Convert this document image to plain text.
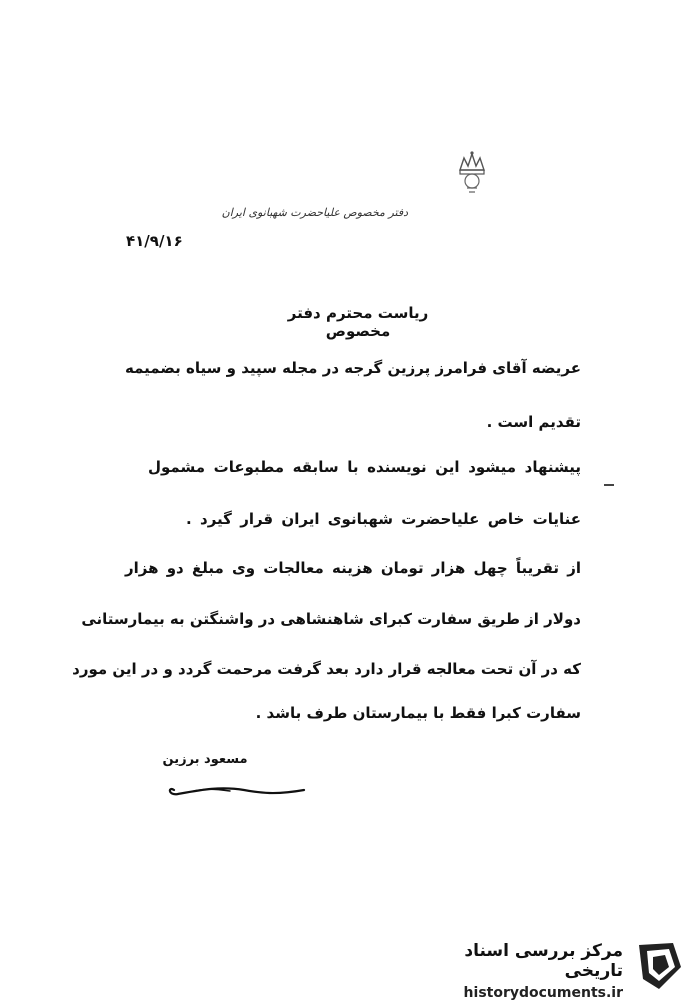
دفتر مخصوص علیاحضرت شهبانوی ایران
۴۱/۹/۱۶
ریاست محترم دفتر مخصوص
عریضه آقای فرامرز پرزین گرجه در مجله سپید و سیاه بضمیمه
تقدیم است .
پیشنهاد میشود این نویسنده با سابقه مطبوعات مشمول
عنایات خاص علیاحضرت شهبانوی ایران قرار گیرد .
از تقریباً چهل هزار تومان هزینه معالجات وی مبلغ دو هزار
دولار از طریق سفارت کبرای شاهنشاهی در واشنگتن به بیمارستانی
که در آن تحت معالجه قرار دارد بعد گرفت مرحمت گردد و در این مورد
سفارت کبرا فقط با بیمارستان طرف باشد .
مسعود برزین
مرکز بررسی اسناد تاریخی
historydocuments.ir
